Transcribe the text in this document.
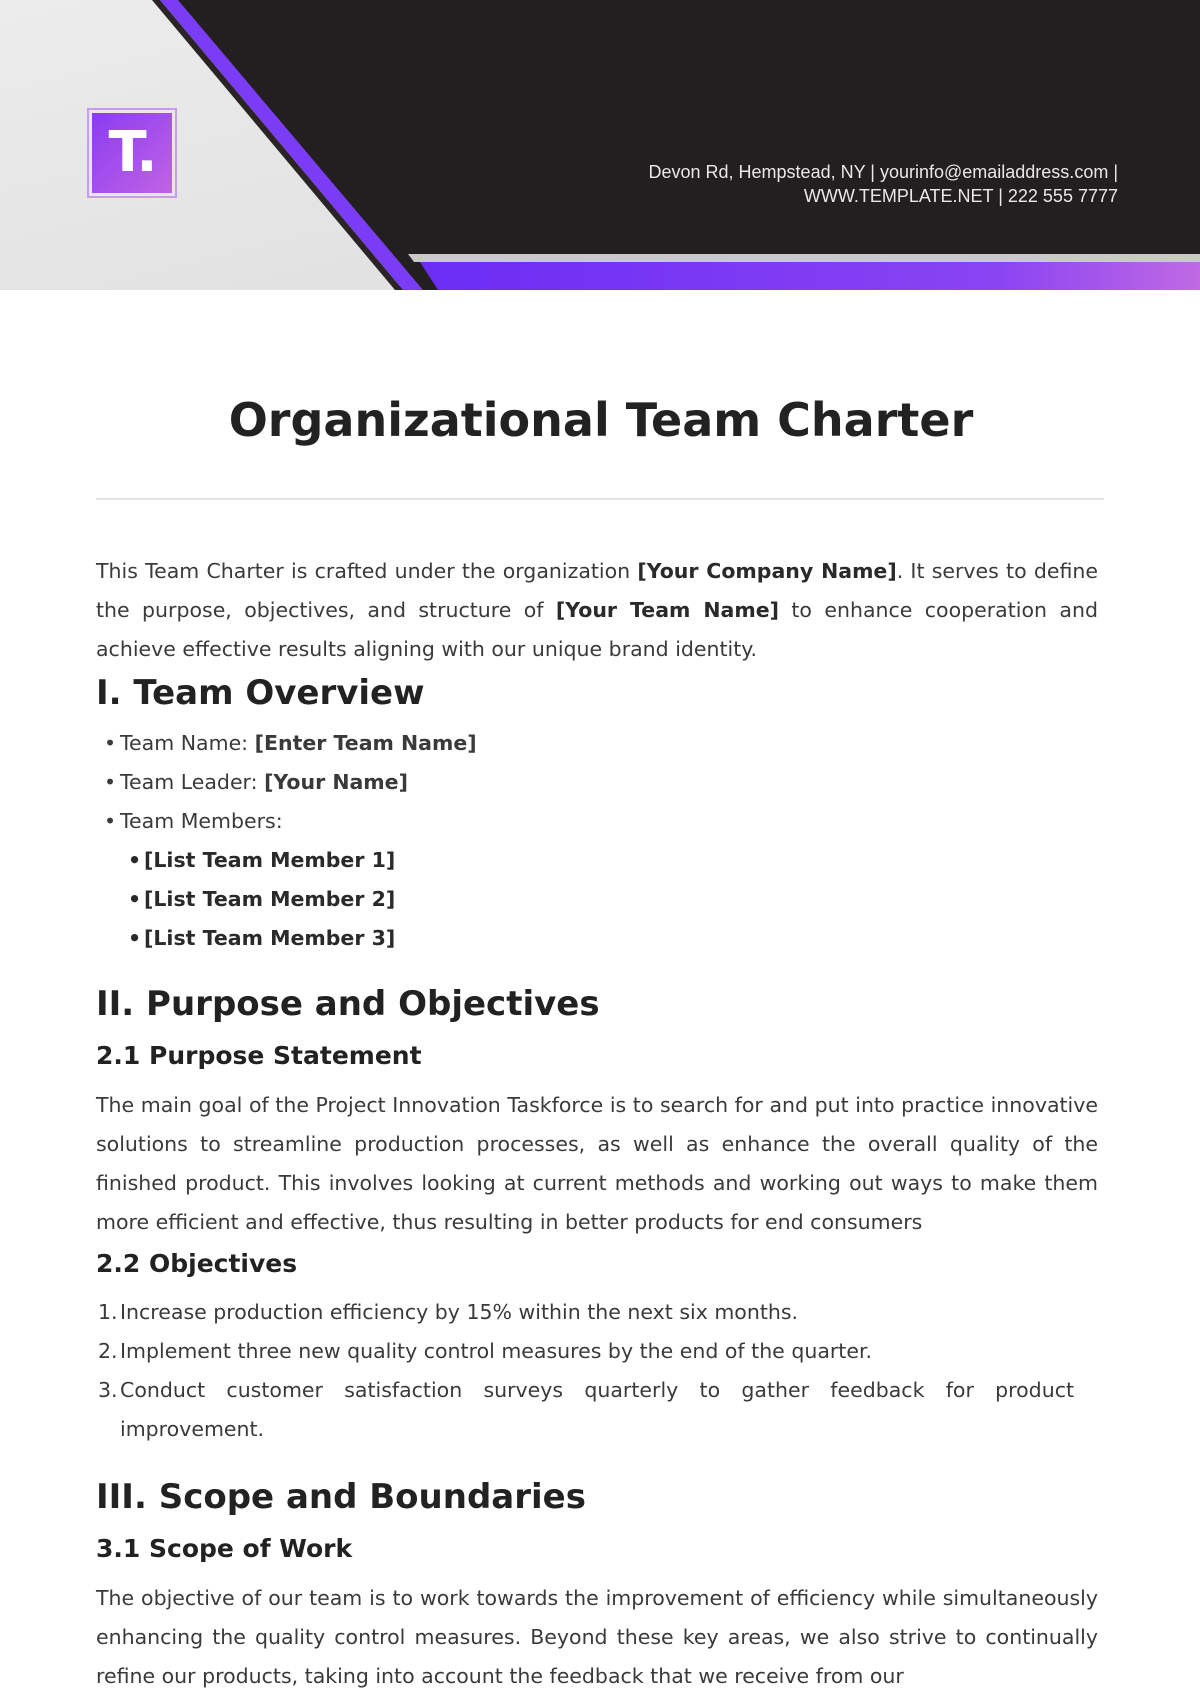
T.	Devon Rd, Hempstead, NY | yourinfo@emailaddress.com |
WWW.TEMPLATE.NET | 222 555 7777
Organizational Team Charter

This Team Charter is crafted under the organization [Your Company Name]. It serves to define the purpose, objectives, and structure of [Your Team Name] to enhance cooperation and achieve effective results aligning with our unique brand identity.

I. Team Overview
• Team Name: [Enter Team Name]
• Team Leader: [Your Name]
• Team Members:
• [List Team Member 1]
• [List Team Member 2]
• [List Team Member 3]
II. Purpose and Objectives
2.1 Purpose Statement

The main goal of the Project Innovation Taskforce is to search for and put into practice innovative solutions to streamline production processes, as well as enhance the overall quality of the finished product. This involves looking at current methods and working out ways to make them more efficient and effective, thus resulting in better products for end consumers

2.2 Objectives
1. Increase production efficiency by 15% within the next six months.
2. Implement three new quality control measures by the end of the quarter.
3. Conduct customer satisfaction surveys quarterly to gather feedback for product improvement.
III. Scope and Boundaries
3.1 Scope of Work

The objective of our team is to work towards the improvement of efficiency while simultaneously enhancing the quality control measures. Beyond these key areas, we also strive to continually refine our products, taking into account the feedback that we receive from our
